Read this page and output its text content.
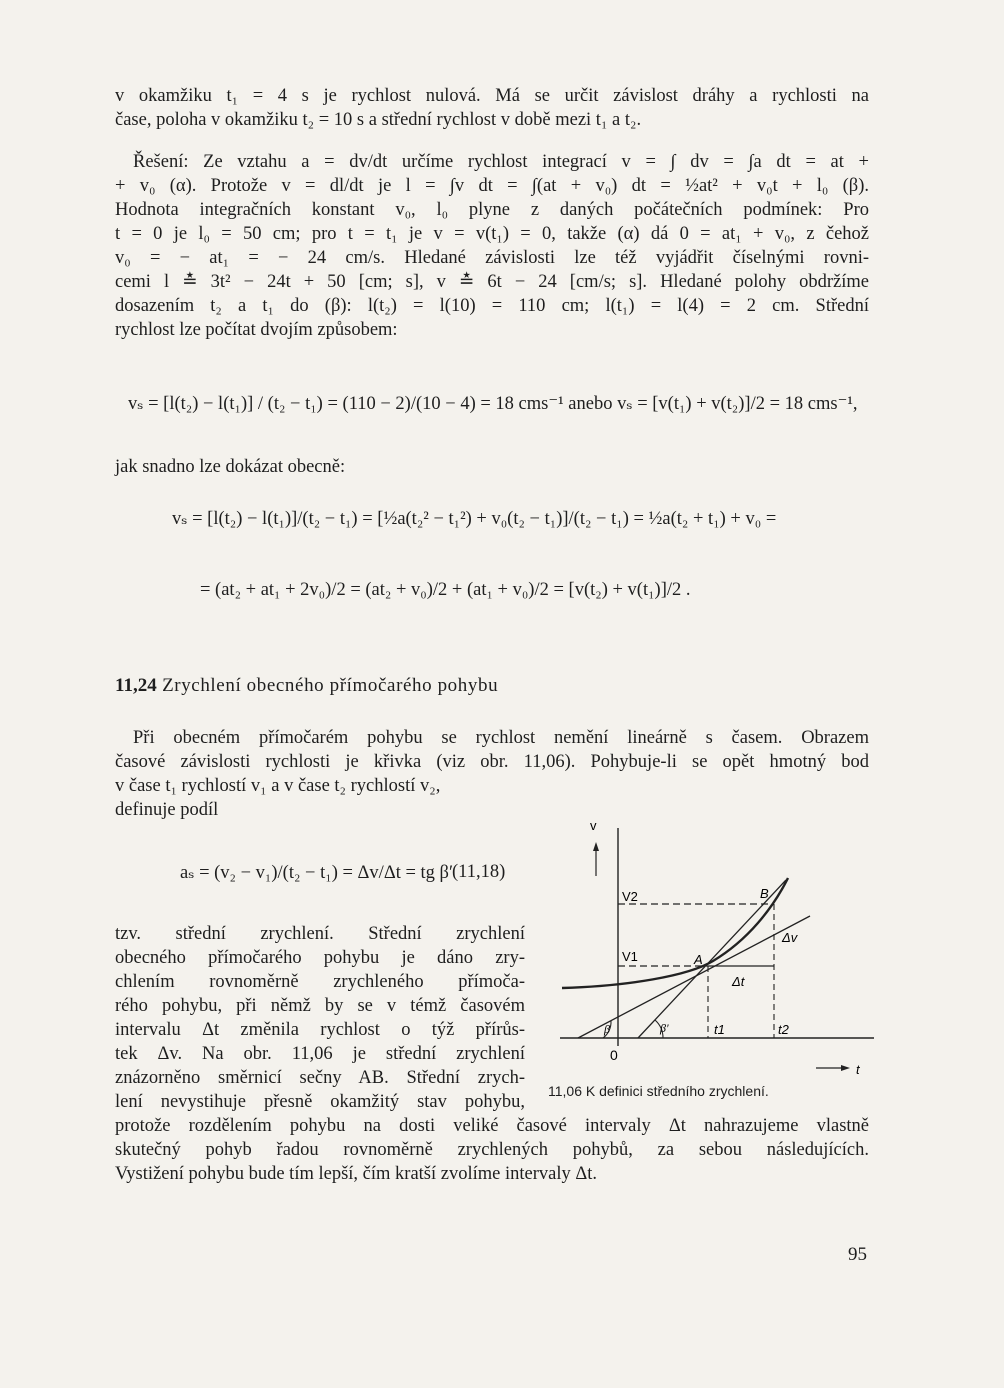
v okamžiku t₁ = 4 s je rychlost nulová. Má se určit závislost dráhy a rychlosti na
čase, poloha v okamžiku t₂ = 10 s a střední rychlost v době mezi t₁ a t₂.
Řešení: Ze vztahu a = dv/dt určíme rychlost integrací v = ∫ dv = ∫a dt = at +
+ v₀ (α). Protože v = dl/dt je l = ∫v dt = ∫(at + v₀) dt = ½at² + v₀t + l₀ (β).
Hodnota integračních konstant v₀, l₀ plyne z daných počátečních podmínek: Pro
t = 0 je l₀ = 50 cm; pro t = t₁ je v = v(t₁) = 0, takže (α) dá 0 = at₁ + v₀, z čehož
v₀ = − at₁ = − 24 cm/s. Hledané závislosti lze též vyjádřit číselnými rovni-
cemi l ≛ 3t² − 24t + 50 [cm; s], v ≛ 6t − 24 [cm/s; s]. Hledané polohy obdržíme
dosazením t₂ a t₁ do (β): l(t₂) = l(10) = 110 cm; l(t₁) = l(4) = 2 cm. Střední
rychlost lze počítat dvojím způsobem:
vₛ = [l(t₂) − l(t₁)] / (t₂ − t₁) = (110 − 2)/(10 − 4) = 18 cms⁻¹ anebo vₛ = [v(t₁) + v(t₂)]/2 = 18 cms⁻¹,
jak snadno lze dokázat obecně:
vₛ = [l(t₂) − l(t₁)]/(t₂ − t₁) = [½a(t₂² − t₁²) + v₀(t₂ − t₁)]/(t₂ − t₁) = ½a(t₂ + t₁) + v₀ =
= (at₂ + at₁ + 2v₀)/2 = (at₂ + v₀)/2 + (at₁ + v₀)/2 = [v(t₂) + v(t₁)]/2 .
11,24 Zrychlení obecného přímočarého pohybu
Při obecném přímočarém pohybu se rychlost nemění lineárně s časem. Obrazem
časové závislosti rychlosti je křivka (viz obr. 11,06). Pohybuje-li se opět hmotný bod
v čase t₁ rychlostí v₁ a v čase t₂ rychlostí v₂,
definuje podíl
aₛ = (v₂ − v₁)/(t₂ − t₁) = Δv/Δt = tg β′
(11,18)
tzv. střední zrychlení. Střední zrychlení
obecného přímočarého pohybu je dáno zry-
chlením rovnoměrně zrychleného přímoča-
rého pohybu, při němž by se v témž časovém
intervalu Δt změnila rychlost o týž přírůs-
tek Δv. Na obr. 11,06 je střední zrychlení
znázorněno směrnicí sečny AB. Střední zrych-
lení nevystihuje přesně okamžitý stav pohybu,
protože rozdělením pohybu na dosti veliké časové intervaly Δt nahrazujeme vlastně
skutečný pohyb řadou rovnoměrně zrychlených pohybů, za sebou následujících.
Vystižení pohybu bude tím lepší, čím kratší zvolíme intervaly Δt.
v
t
0
V2
V1	A
B
Δv
Δt
t1	t2
β	β'
11,06 K definici středního zrychlení.
95
